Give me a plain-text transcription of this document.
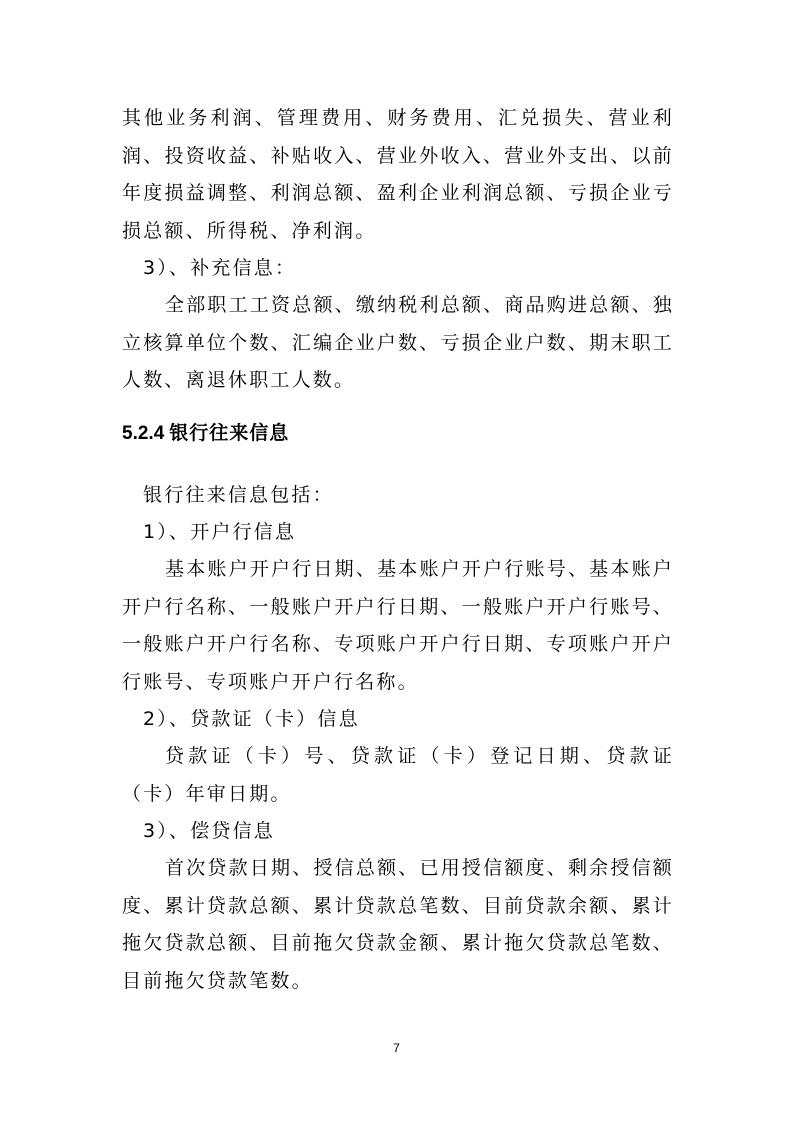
其他业务利润、管理费用、财务费用、汇兑损失、营业利润、投资收益、补贴收入、营业外收入、营业外支出、以前年度损益调整、利润总额、盈利企业利润总额、亏损企业亏损总额、所得税、净利润。

3）、补充信息：

全部职工工资总额、缴纳税利总额、商品购进总额、独立核算单位个数、汇编企业户数、亏损企业户数、期末职工人数、离退休职工人数。

5.2.4 银行往来信息

银行往来信息包括：

1）、开户行信息

基本账户开户行日期、基本账户开户行账号、基本账户开户行名称、一般账户开户行日期、一般账户开户行账号、一般账户开户行名称、专项账户开户行日期、专项账户开户行账号、专项账户开户行名称。

2）、贷款证（卡）信息

贷款证（卡）号、贷款证（卡）登记日期、贷款证（卡）年审日期。

3）、偿贷信息

首次贷款日期、授信总额、已用授信额度、剩余授信额度、累计贷款总额、累计贷款总笔数、目前贷款余额、累计拖欠贷款总额、目前拖欠贷款金额、累计拖欠贷款总笔数、目前拖欠贷款笔数。

7
